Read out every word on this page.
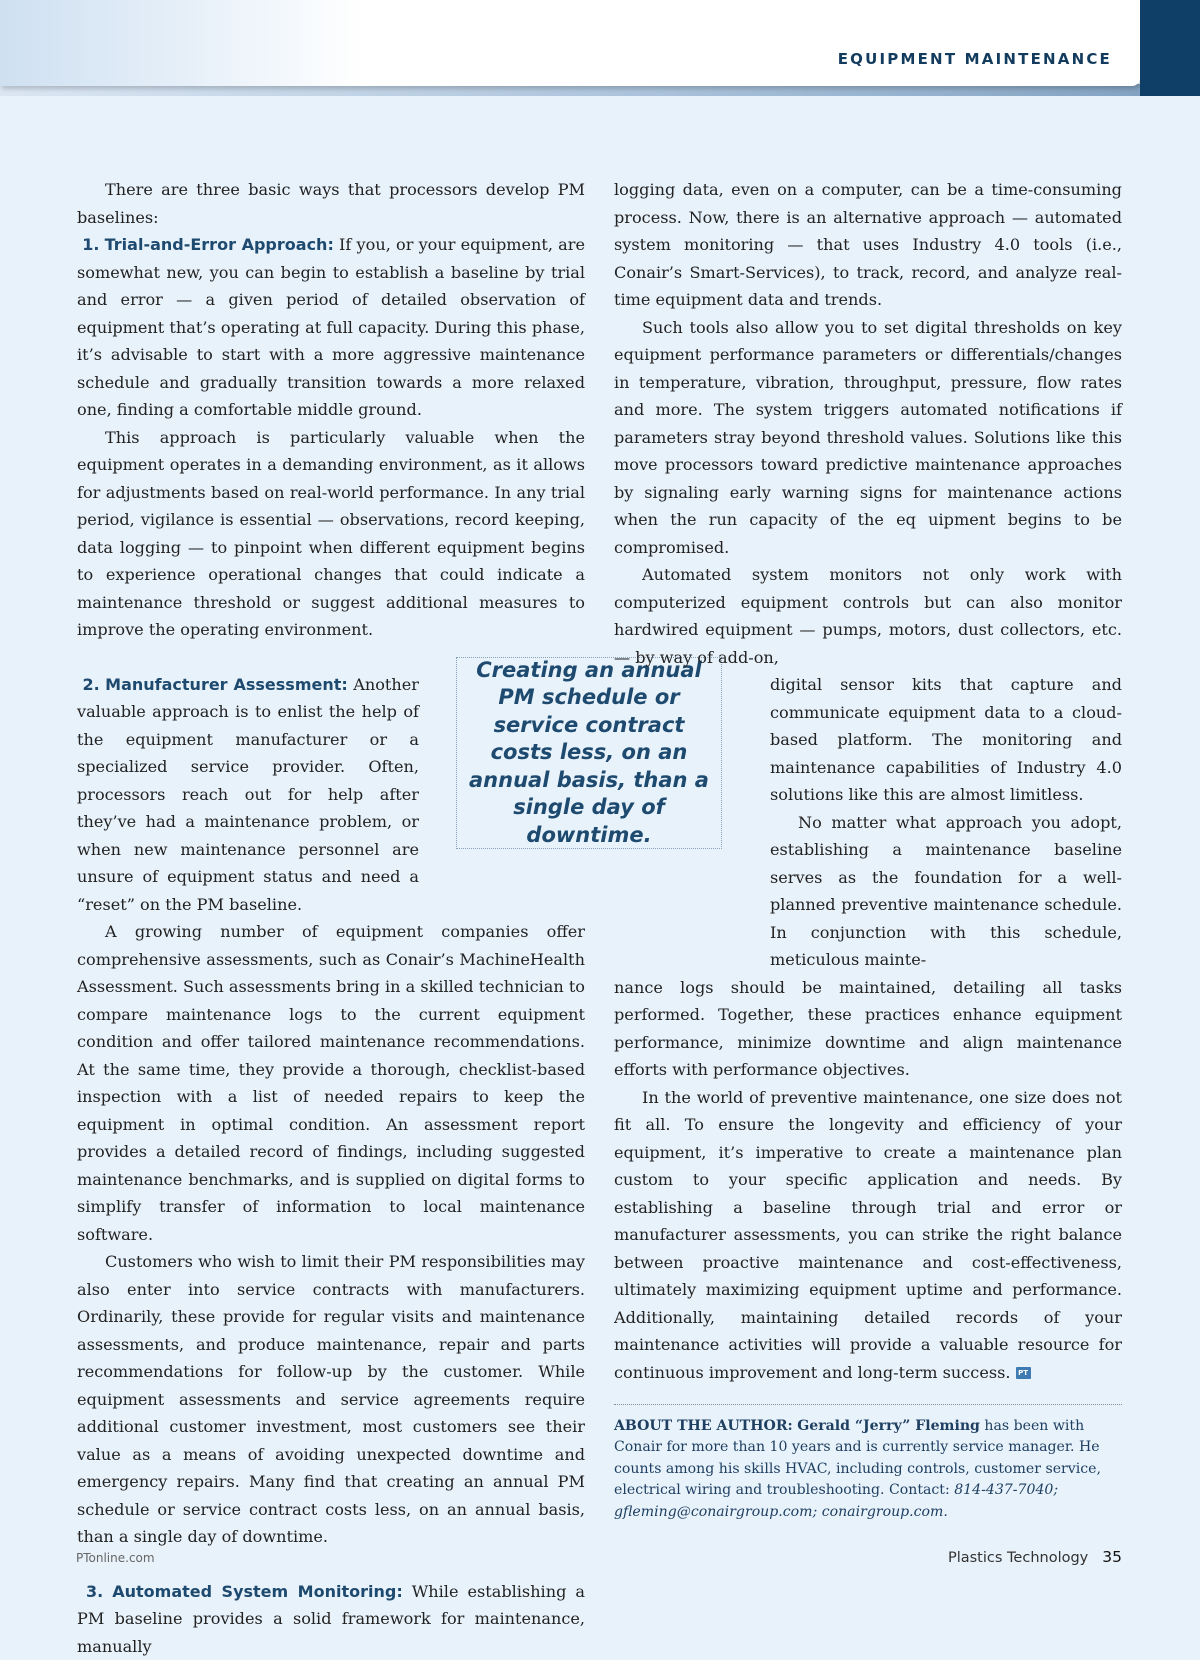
EQUIPMENT MAINTENANCE

There are three basic ways that processors develop PM baselines:

1. Trial-and-Error Approach: If you, or your equipment, are somewhat new, you can begin to establish a baseline by trial and error — a given period of detailed observation of equipment that’s operating at full capacity. During this phase, it’s advisable to start with a more aggressive maintenance schedule and gradually transition towards a more relaxed one, finding a comfortable middle ground.

This approach is particularly valuable when the equipment operates in a demanding environment, as it allows for adjustments based on real-world performance. In any trial period, vigilance is essential — observations, record keeping, data logging — to pinpoint when different equipment begins to experience operational changes that could indicate a maintenance threshold or suggest additional measures to improve the operating environment.

2. Manufacturer Assessment: Another valuable approach is to enlist the help of the equipment manufacturer or a specialized service provider. Often, processors reach out for help after they’ve had a maintenance problem, or when new maintenance personnel are unsure of equipment status and need a “reset” on the PM baseline.

A growing number of equipment companies offer comprehensive assessments, such as Conair’s MachineHealth Assessment. Such assessments bring in a skilled technician to compare maintenance logs to the current equipment condition and offer tailored maintenance recommendations. At the same time, they provide a thorough, checklist-based inspection with a list of needed repairs to keep the equipment in optimal condition. An assessment report provides a detailed record of findings, including suggested maintenance benchmarks, and is supplied on digital forms to simplify transfer of information to local maintenance software.

Customers who wish to limit their PM responsibilities may also enter into service contracts with manufacturers. Ordinarily, these provide for regular visits and maintenance assessments, and produce maintenance, repair and parts recommendations for follow-up by the customer. While equipment assessments and service agreements require additional customer investment, most customers see their value as a means of avoiding unexpected downtime and emergency repairs. Many find that creating an annual PM schedule or service contract costs less, on an annual basis, than a single day of downtime.

3. Automated System Monitoring: While establishing a PM baseline provides a solid framework for maintenance, manually

Creating an annual PM schedule or service contract costs less, on an annual basis, than a single day of downtime.

logging data, even on a computer, can be a time-consuming process. Now, there is an alternative approach — automated system monitoring — that uses Industry 4.0 tools (i.e., Conair’s Smart-Services), to track, record, and analyze real-time equipment data and trends.

Such tools also allow you to set digital thresholds on key equipment performance parameters or differentials/changes in temperature, vibration, throughput, pressure, flow rates and more. The system triggers automated notifications if parameters stray beyond threshold values. Solutions like this move processors toward predictive maintenance approaches by signaling early warning signs for maintenance actions when the run capacity of the eq uipment begins to be compromised.

Automated system monitors not only work with computerized equipment controls but can also monitor hardwired equipment — pumps, motors, dust collectors, etc. — by way of add-on,

digital sensor kits that capture and communicate equipment data to a cloud-based platform. The monitoring and maintenance capabilities of Industry 4.0 solutions like this are almost limitless.

No matter what approach you adopt, establishing a maintenance baseline serves as the foundation for a well-planned preventive maintenance schedule. In conjunction with this schedule, meticulous mainte-

nance logs should be maintained, detailing all tasks performed. Together, these practices enhance equipment performance, minimize downtime and align maintenance efforts with performance objectives.

In the world of preventive maintenance, one size does not fit all. To ensure the longevity and efficiency of your equipment, it’s imperative to create a maintenance plan custom to your specific application and needs. By establishing a baseline through trial and error or manufacturer assessments, you can strike the right balance between proactive maintenance and cost-effectiveness, ultimately maximizing equipment uptime and performance. Additionally, maintaining detailed records of your maintenance activities will provide a valuable resource for continuous improvement and long-term success. PT

ABOUT THE AUTHOR: Gerald “Jerry” Fleming has been with Conair for more than 10 years and is currently service manager. He counts among his skills HVAC, including controls, customer service, electrical wiring and troubleshooting. Contact: 814-437-7040; gfleming@conairgroup.com; conairgroup.com.

PTonline.com	Plastics Technology 35
